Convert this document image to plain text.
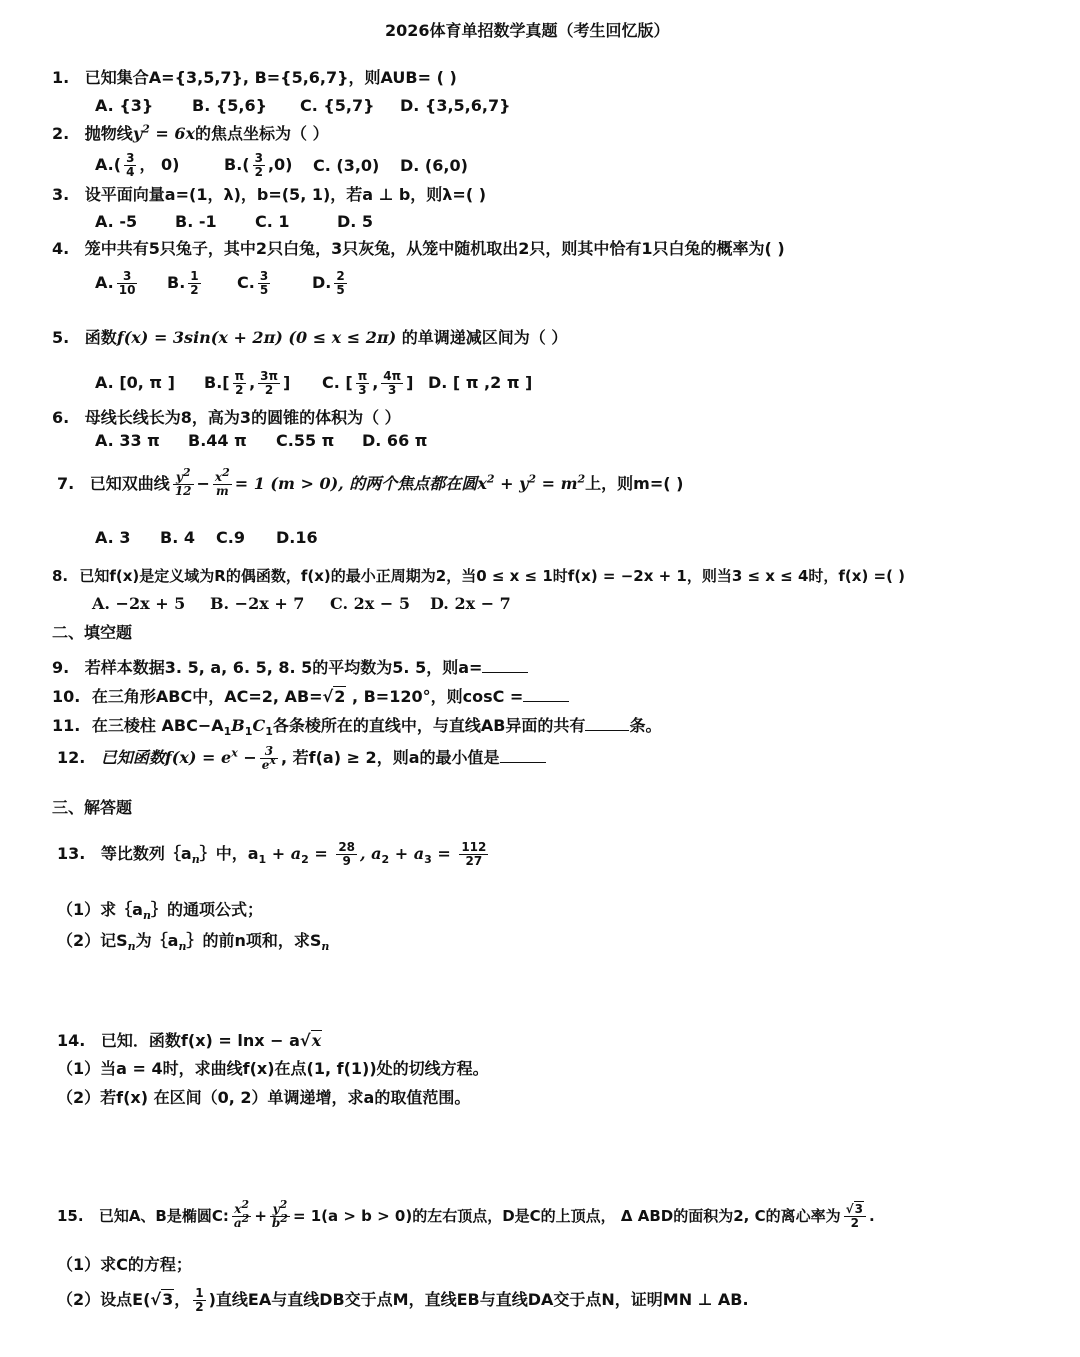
2026体育单招数学真题（考生回忆版）
1. 已知集合A={3,5,7}, B={5,6,7}，则AUB= ( )
A. {3} B. {5,6} C. {5,7} D. {3,5,6,7}
2. 抛物线$y^2 = 6x$的焦点坐标为（ ）
$A.( \frac{3}{4}$ ， 0)	$B.( \frac{3}{2} ,0)$ C. (3,0) D. (6,0)
3. 设平面向量a=(1，λ)，b=(5, 1)，若a ⊥ b，则λ=( )
A. -5 B. -1 C. 1	D. 5
4. 笼中共有5只兔子，其中2只白兔，3只灰兔，从笼中随机取出2只，则其中恰有1只白兔的概率为( )
A. $\frac{3}{10} B$. $\frac{1}{2} C$. $\frac{3}{5}$	D. $\frac{2}{5}$
5. 函数f(x) = 3sin(x + 2π) (0 ≤ x ≤ 2π) 的单调递减区间为（ ）
A. [0, π ] $B.[ \frac{\pi}{2}$ , $\frac{3\pi}{2}$ ] C. [ $\frac{\pi}{3}$ , $\frac{4\pi}{3}$ ] D. [ π ,2 π ]
6. 母线长线长为8，高为3的圆锥的体积为（ ）
A. 33 π B.44 π C.55 π D. 66 π
7. 已知双曲线 $\frac{y^2}{12} - \frac{x^2}{m} = 1$ (m > 0), 的两个焦点都在圆$x^2 + y^2 = m^2$上，则m=( )
A. 3 B. 4 C.9 D.16
8. 已知f(x)是定义域为R的偶函数，f(x)的最小正周期为2，当0 ≤ x ≤ 1时f(x) = −2x + 1，则当3 ≤ x ≤ 4时，f(x) =( )
A. −2x + 5 B. −2x + 7 C. 2x − 5 D. 2x − 7
二、填空题
9. 若样本数据3. 5, a, 6. 5, 8. 5的平均数为5. 5，则a=
10. 在三角形ABC中，AC=2, AB=√2 , B=120°，则cosC =
11. 在三棱柱 $ABC-A_1B_1C_1$各条棱所在的直线中，与直线AB异面的共有	条。
12. 已知函数$f(x) = e^x - \frac{3}{e^x}$ , 若f(a) ≥ 2，则a的最小值是
三、解答题
13. 等比数列$\{a_n\}$中，$a_1 + a_2 = \frac{28}{9}$ , $a_2 + a_3 = \frac{112}{27}$
（1）求$\{a_n\}$的通项公式；
（2）记$S_n$为$\{a_n\}$的前n项和，求$S_n$
14. 已知．函数f(x) = lnx − a√x
（1）当a = 4时，求曲线f(x)在点(1, f(1))处的切线方程。
（2）若f(x) 在区间（0, 2）单调递增，求a的取值范围。
15. 已知A、B是椭圆C: $\frac{x^2}{a^2} + \frac{y^2}{b^2} = 1(a > b > 0)$的左右顶点，D是C的上顶点， Δ ABD的面积为2, C的离心率为 $\frac{√3}{2}$ .
（1）求C的方程；
（2）设点E(√3， $\frac{1}{2}$ )直线EA与直线DB交于点M，直线EB与直线DA交于点N，证明MN ⊥ AB.
